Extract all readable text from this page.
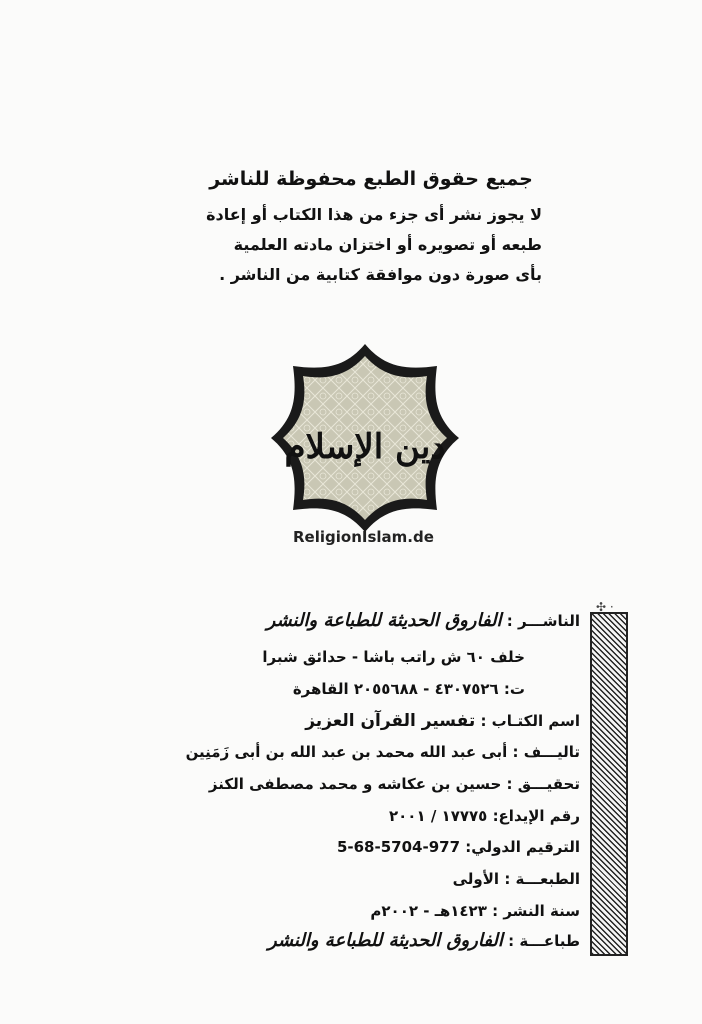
جميع حقوق الطبع محفوظة للناشر
لا يجوز نشر أى جزء من هذا الكتاب أو إعادة
طبعه أو تصويره أو اختزان مادته العلمية
بأى صورة دون موافقة كتابية من الناشر .
دين الإسلام
ReligionIslam.de
✣ ·
الناشـــر : الفاروق الحديثة للطباعة والنشر
خلف ٦٠ ش راتب باشا - حدائق شبرا
ت: ٤٣٠٧٥٢٦ - ٢٠٥٥٦٨٨ القاهرة
اسم الكتـاب : تفسير القرآن العزيز
تاليـــف : أبى عبد الله محمد بن عبد الله بن أبى زَمَنِين
تحقيـــق : حسين بن عكاشه و محمد مصطفى الكنز
رقم الإيداع: ١٧٧٧٥ / ٢٠٠١
الترقيم الدولي: 977-5704-68-5
الطبعـــة : الأولى
سنة النشر : ١٤٢٣هـ - ٢٠٠٢م
طباعـــة : الفاروق الحديثة للطباعة والنشر
